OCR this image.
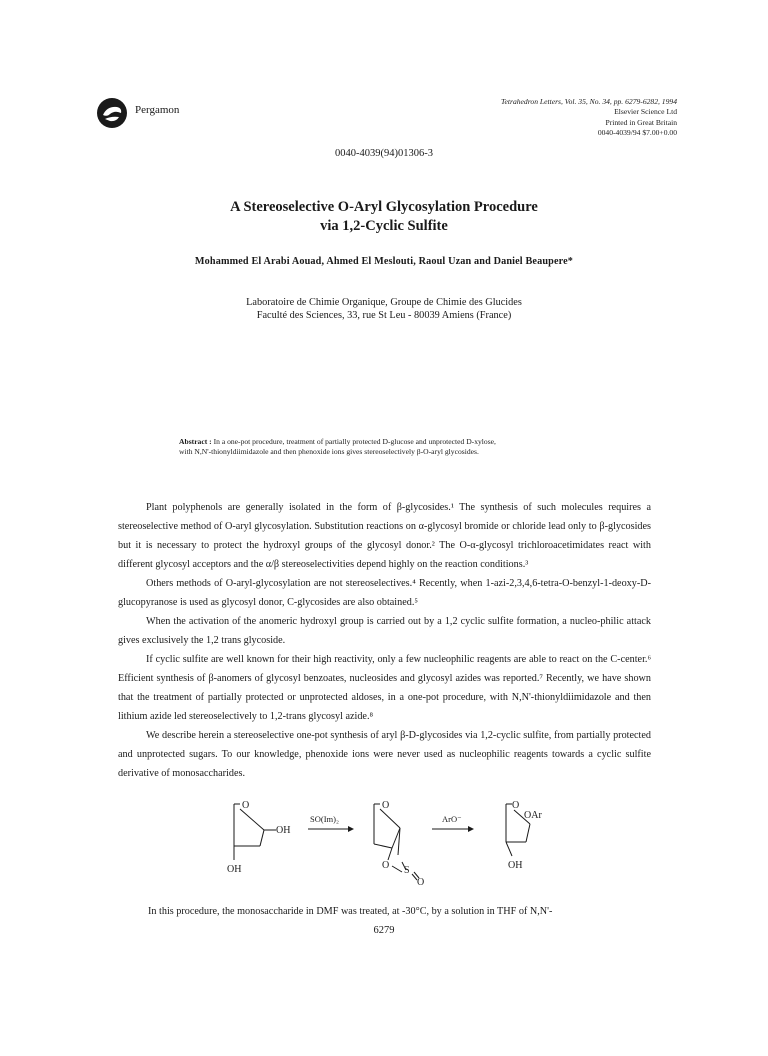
Pergamon
Tetrahedron Letters, Vol. 35, No. 34, pp. 6279-6282, 1994
Elsevier Science Ltd
Printed in Great Britain
0040-4039/94 $7.00+0.00
0040-4039(94)01306-3
A Stereoselective O-Aryl Glycosylation Procedure
via 1,2-Cyclic Sulfite
Mohammed El Arabi Aouad, Ahmed El Meslouti, Raoul Uzan and Daniel Beaupere*
Laboratoire de Chimie Organique, Groupe de Chimie des Glucides
Faculté des Sciences, 33, rue St Leu - 80039 Amiens (France)
Abstract : In a one-pot procedure, treatment of partially protected D-glucose and unprotected D-xylose,
with N,N'-thionyldiimidazole and then phenoxide ions gives stereoselectively β-O-aryl glycosides.

Plant polyphenols are generally isolated in the form of β-glycosides.¹ The synthesis of such molecules requires a stereoselective method of O-aryl glycosylation. Substitution reactions on α-glycosyl bromide or chloride lead only to β-glycosides but it is necessary to protect the hydroxyl groups of the glycosyl donor.² The O-α-glycosyl trichloroacetimidates react with different glycosyl acceptors and the α/β stereoselectivities depend highly on the reaction conditions.³

Others methods of O-aryl-glycosylation are not stereoselectives.⁴ Recently, when 1-azi-2,3,4,6-tetra-O-benzyl-1-deoxy-D-glucopyranose is used as glycosyl donor, C-glycosides are also obtained.⁵

When the activation of the anomeric hydroxyl group is carried out by a 1,2 cyclic sulfite formation, a nucleo-philic attack gives exclusively the 1,2 trans glycoside.

If cyclic sulfite are well known for their high reactivity, only a few nucleophilic reagents are able to react on the C-center.⁶ Efficient synthesis of β-anomers of glycosyl benzoates, nucleosides and glycosyl azides was reported.⁷ Recently, we have shown that the treatment of partially protected or unprotected aldoses, in a one-pot procedure, with N,N'-thionyldiimidazole and then lithium azide led stereoselectively to 1,2-trans glycosyl azide.⁸

We describe herein a stereoselective one-pot synthesis of aryl β-D-glycosides via 1,2-cyclic sulfite, from partially protected and unprotected sugars. To our knowledge, phenoxide ions were never used as nucleophilic reagents towards a cyclic sulfite derivative of monosaccharides.

O
OH
OH
SO(Im)₂
O
O S
O
ArO⁻
O
OAr
OH
In this procedure, the monosaccharide in DMF was treated, at -30°C, by a solution in THF of N,N'-
6279
